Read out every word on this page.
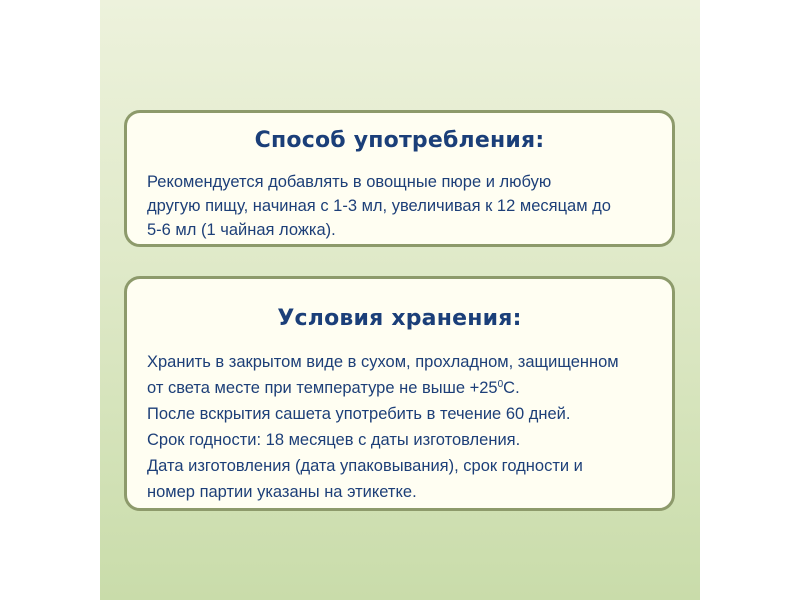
Способ употребления:
Рекомендуется добавлять в овощные пюре и любую
другую пищу, начиная с 1-3 мл, увеличивая к 12 месяцам до
5-6 мл (1 чайная ложка).
Условия хранения:
Хранить в закрытом виде в сухом, прохладном, защищенном
от света месте при температуре не выше $+25^0С$.
После вскрытия сашета употребить в течение 60 дней.
Срок годности: 18 месяцев с даты изготовления.
Дата изготовления (дата упаковывания), срок годности и
номер партии указаны на этикетке.
